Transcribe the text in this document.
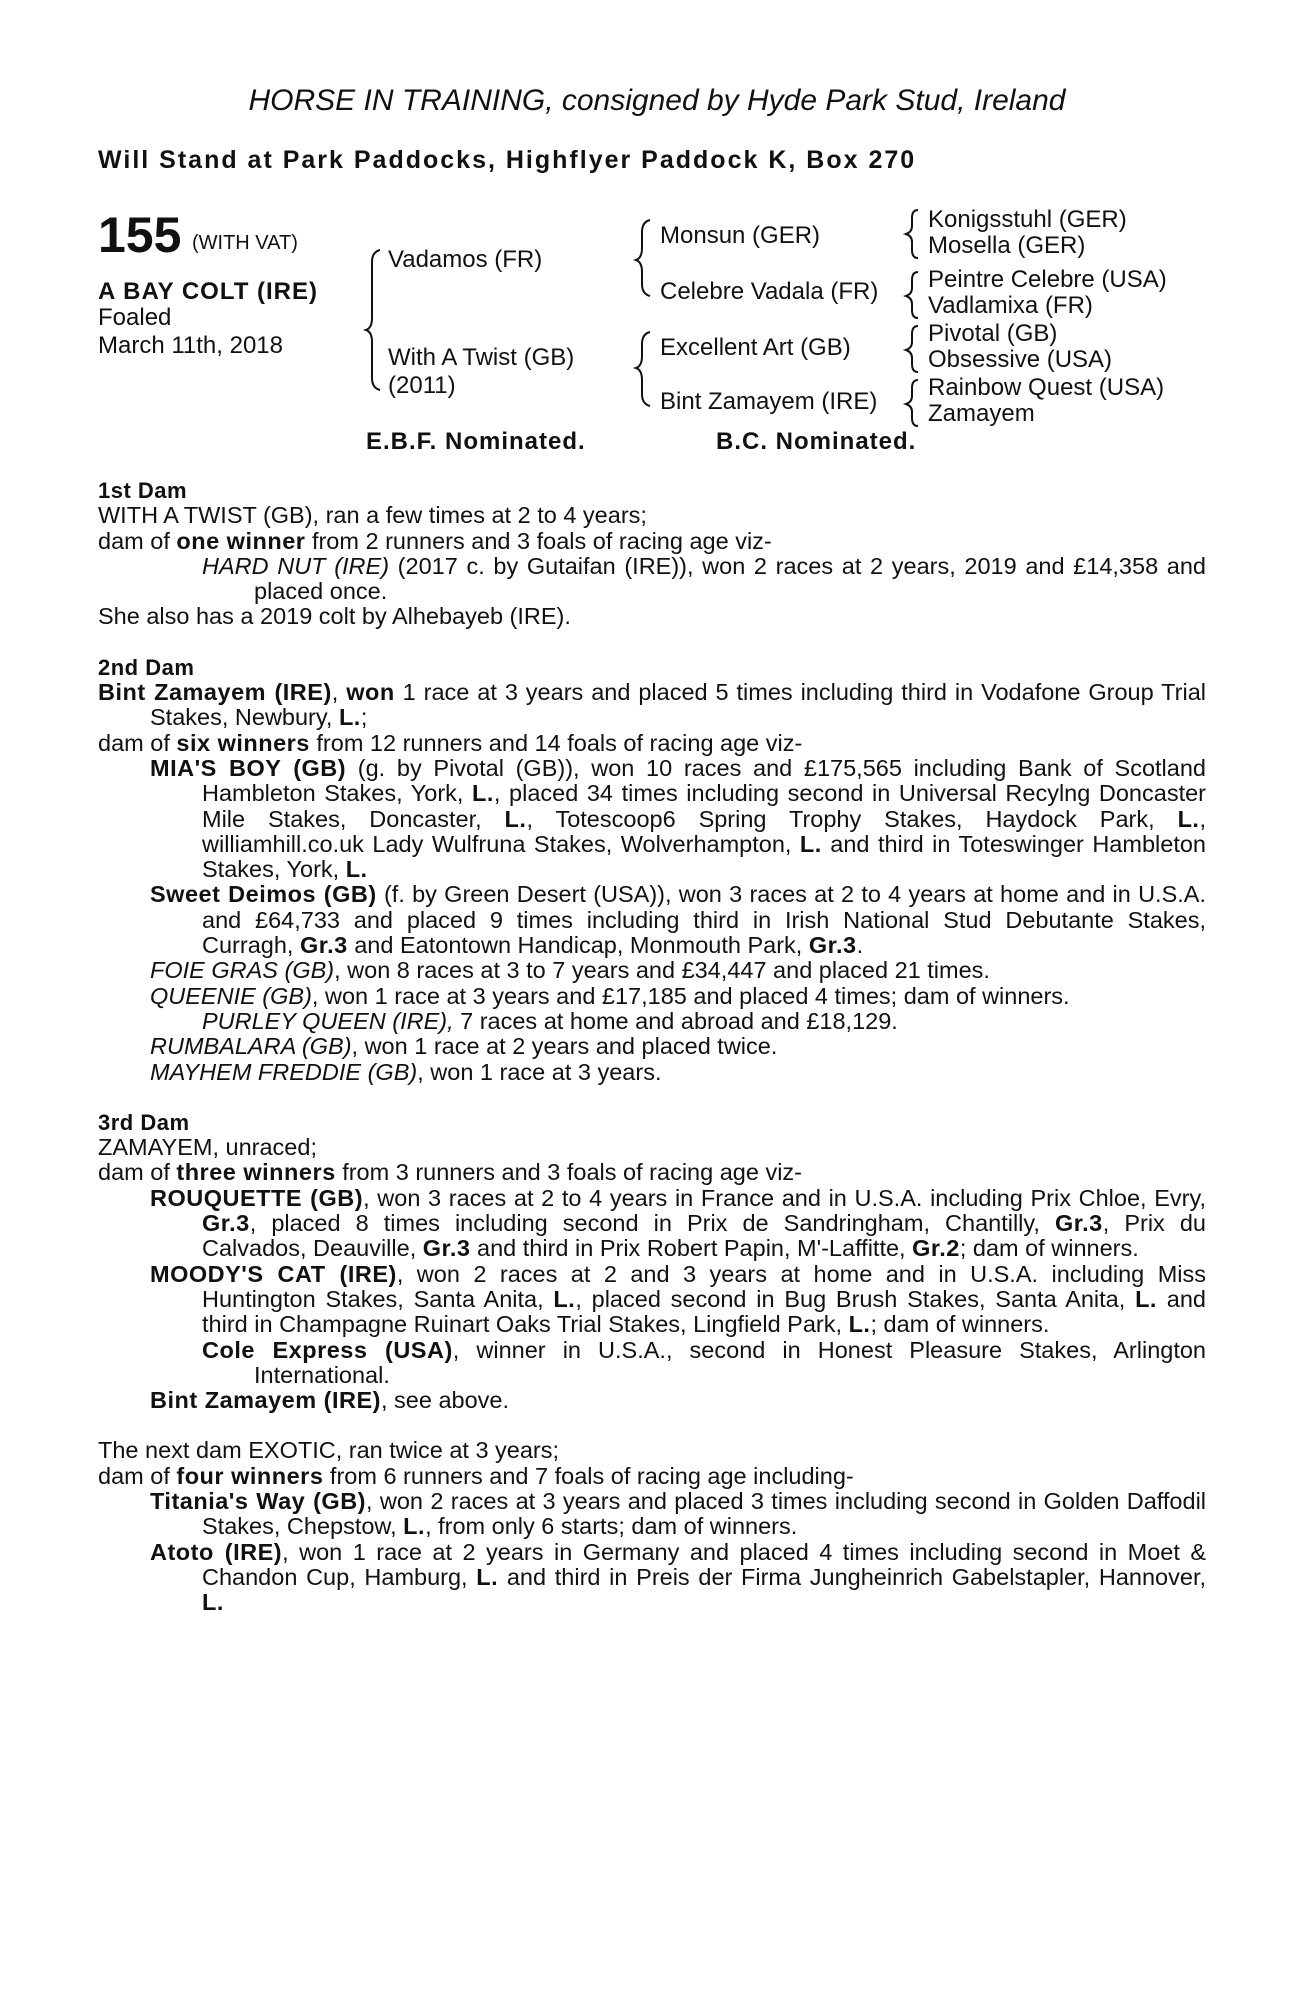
HORSE IN TRAINING, consigned by Hyde Park Stud, Ireland
Will Stand at Park Paddocks, Highflyer Paddock K, Box 270
155 (WITH VAT)
A BAY COLT (IRE)
Foaled
March 11th, 2018
Vadamos (FR)
With A Twist (GB)
(2011)
Monsun (GER)
Celebre Vadala (FR)
Excellent Art (GB)
Bint Zamayem (IRE)
Konigsstuhl (GER)
Mosella (GER)
Peintre Celebre (USA)
Vadlamixa (FR)
Pivotal (GB)
Obsessive (USA)
Rainbow Quest (USA)
Zamayem
E.B.F. Nominated.	B.C. Nominated.

1st Dam

WITH A TWIST (GB), ran a few times at 2 to 4 years;

dam of one winner from 2 runners and 3 foals of racing age viz-

HARD NUT (IRE) (2017 c. by Gutaifan (IRE)), won 2 races at 2 years, 2019 and £14,358 and placed once.

She also has a 2019 colt by Alhebayeb (IRE).

2nd Dam

Bint Zamayem (IRE), won 1 race at 3 years and placed 5 times including third in Vodafone Group Trial Stakes, Newbury, L.;

dam of six winners from 12 runners and 14 foals of racing age viz-

MIA'S BOY (GB) (g. by Pivotal (GB)), won 10 races and £175,565 including Bank of Scotland Hambleton Stakes, York, L., placed 34 times including second in Universal Recylng Doncaster Mile Stakes, Doncaster, L., Totescoop6 Spring Trophy Stakes, Haydock Park, L., williamhill.co.uk Lady Wulfruna Stakes, Wolverhampton, L. and third in Toteswinger Hambleton Stakes, York, L.

Sweet Deimos (GB) (f. by Green Desert (USA)), won 3 races at 2 to 4 years at home and in U.S.A. and £64,733 and placed 9 times including third in Irish National Stud Debutante Stakes, Curragh, Gr.3 and Eatontown Handicap, Monmouth Park, Gr.3.

FOIE GRAS (GB), won 8 races at 3 to 7 years and £34,447 and placed 21 times.

QUEENIE (GB), won 1 race at 3 years and £17,185 and placed 4 times; dam of winners.

PURLEY QUEEN (IRE), 7 races at home and abroad and £18,129.

RUMBALARA (GB), won 1 race at 2 years and placed twice.

MAYHEM FREDDIE (GB), won 1 race at 3 years.

3rd Dam

ZAMAYEM, unraced;

dam of three winners from 3 runners and 3 foals of racing age viz-

ROUQUETTE (GB), won 3 races at 2 to 4 years in France and in U.S.A. including Prix Chloe, Evry, Gr.3, placed 8 times including second in Prix de Sandringham, Chantilly, Gr.3, Prix du Calvados, Deauville, Gr.3 and third in Prix Robert Papin, M'-Laffitte, Gr.2; dam of winners.

MOODY'S CAT (IRE), won 2 races at 2 and 3 years at home and in U.S.A. including Miss Huntington Stakes, Santa Anita, L., placed second in Bug Brush Stakes, Santa Anita, L. and third in Champagne Ruinart Oaks Trial Stakes, Lingfield Park, L.; dam of winners.

Cole Express (USA), winner in U.S.A., second in Honest Pleasure Stakes, Arlington International.

Bint Zamayem (IRE), see above.

The next dam EXOTIC, ran twice at 3 years;

dam of four winners from 6 runners and 7 foals of racing age including-

Titania's Way (GB), won 2 races at 3 years and placed 3 times including second in Golden Daffodil Stakes, Chepstow, L., from only 6 starts; dam of winners.

Atoto (IRE), won 1 race at 2 years in Germany and placed 4 times including second in Moet & Chandon Cup, Hamburg, L. and third in Preis der Firma Jungheinrich Gabelstapler, Hannover, L.
